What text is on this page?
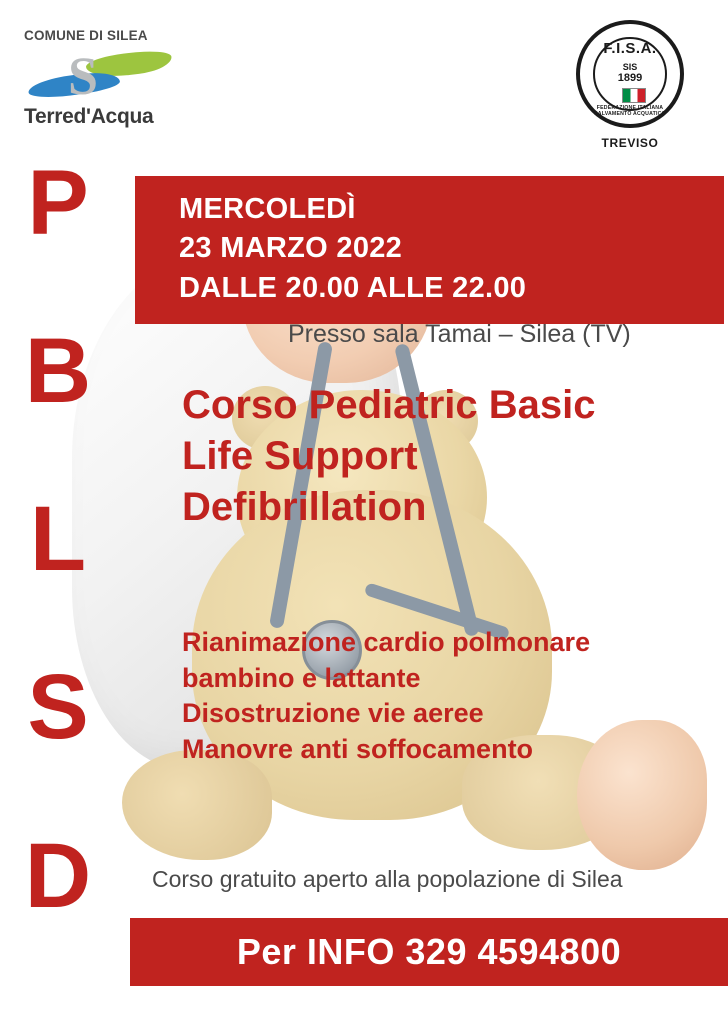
COMUNE DI SILEA
S
Terred'Acqua
F.I.S.A.
SIS
1899
FEDERAZIONE ITALIANA SALVAMENTO ACQUATICO
TREVISO
D
S
L
B
P	MERCOLEDÌ
23 MARZO 2022
DALLE 20.00 ALLE 22.00
Presso sala Tamai – Silea (TV)
Corso Pediatric Basic
Life Support
Defibrillation
Rianimazione cardio polmonare
bambino e lattante
Disostruzione vie aeree
Manovre anti soffocamento
Corso gratuito aperto alla popolazione di Silea
Per INFO 329 4594800
